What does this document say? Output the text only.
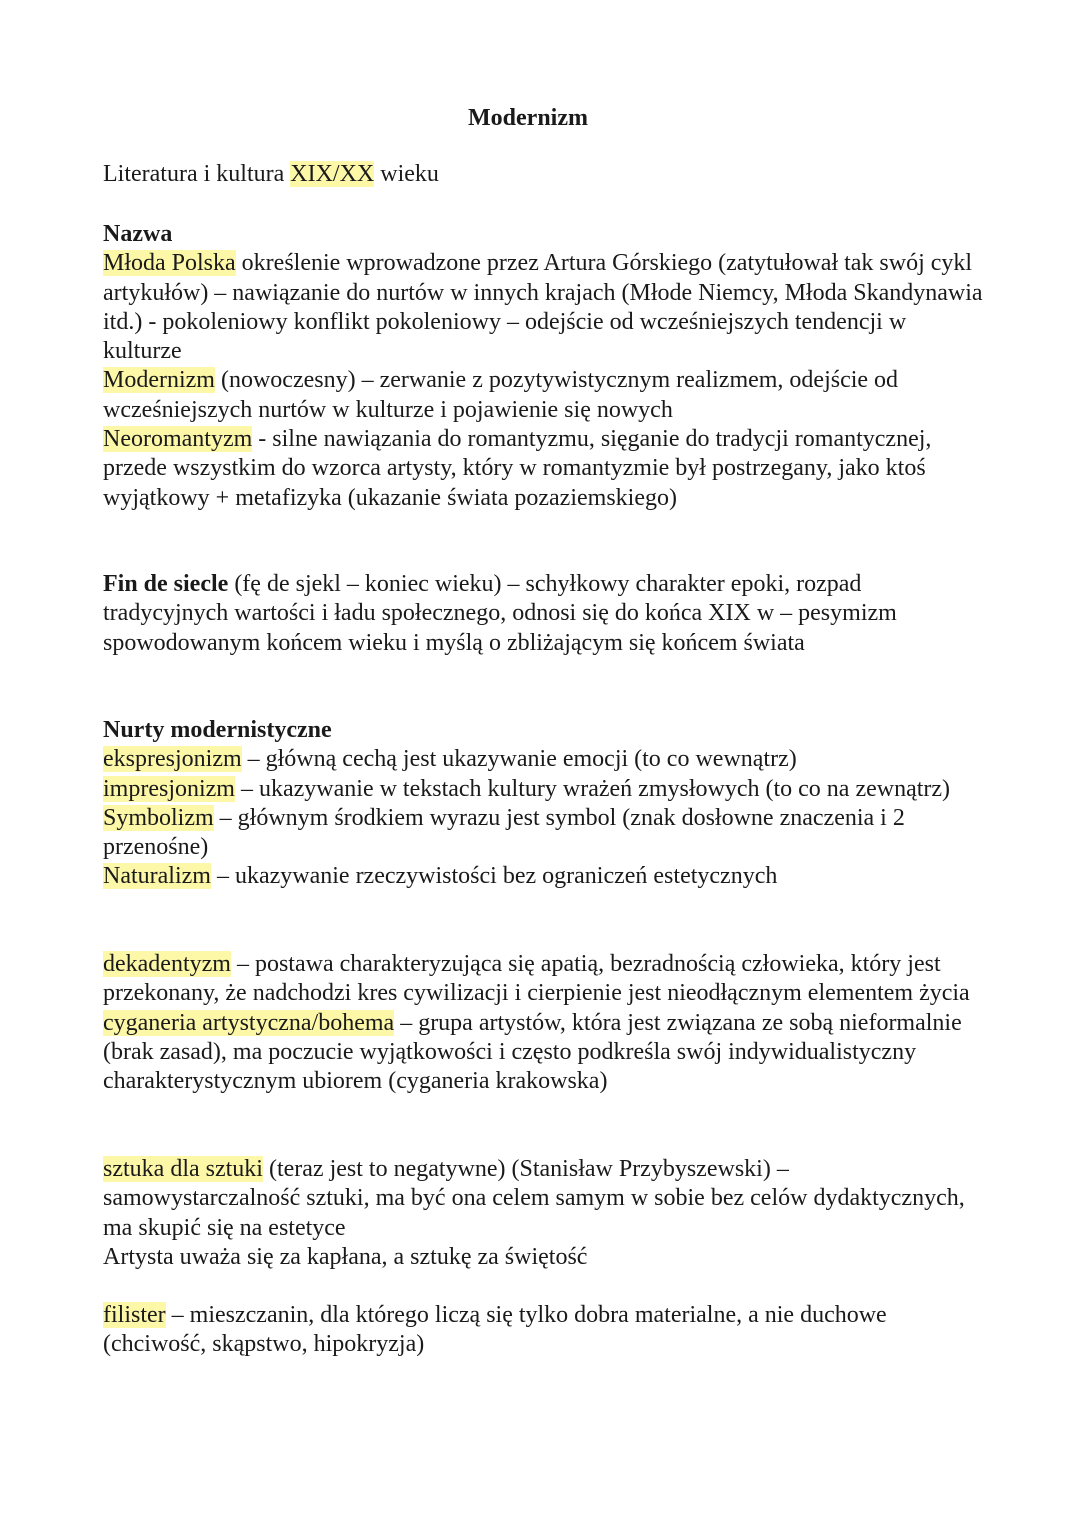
Modernizm
Literatura i kultura XIX/XX wieku

Nazwa

Młoda Polska określenie wprowadzone przez Artura Górskiego (zatytułował tak swój cykl artykułów) – nawiązanie do nurtów w innych krajach (Młode Niemcy, Młoda Skandynawia itd.) - pokoleniowy konflikt pokoleniowy – odejście od wcześniejszych tendencji w kulturze

Modernizm (nowoczesny) – zerwanie z pozytywistycznym realizmem, odejście od wcześniejszych nurtów w kulturze i pojawienie się nowych

Neoromantyzm - silne nawiązania do romantyzmu, sięganie do tradycji romantycznej, przede wszystkim do wzorca artysty, który w romantyzmie był postrzegany, jako ktoś wyjątkowy + metafizyka (ukazanie świata pozaziemskiego)

Fin de siecle (fę de sjekl – koniec wieku) – schyłkowy charakter epoki, rozpad tradycyjnych wartości i ładu społecznego, odnosi się do końca XIX w – pesymizm spowodowanym końcem wieku i myślą o zbliżającym się końcem świata

Nurty modernistyczne

ekspresjonizm – główną cechą jest ukazywanie emocji (to co wewnątrz)

impresjonizm – ukazywanie w tekstach kultury wrażeń zmysłowych (to co na zewnątrz)

Symbolizm – głównym środkiem wyrazu jest symbol (znak dosłowne znaczenia i 2 przenośne)

Naturalizm – ukazywanie rzeczywistości bez ograniczeń estetycznych

dekadentyzm – postawa charakteryzująca się apatią, bezradnością człowieka, który jest przekonany, że nadchodzi kres cywilizacji i cierpienie jest nieodłącznym elementem życia

cyganeria artystyczna/bohema – grupa artystów, która jest związana ze sobą nieformalnie (brak zasad), ma poczucie wyjątkowości i często podkreśla swój indywidualistyczny charakterystycznym ubiorem (cyganeria krakowska)

sztuka dla sztuki (teraz jest to negatywne) (Stanisław Przybyszewski) – samowystarczalność sztuki, ma być ona celem samym w sobie bez celów dydaktycznych, ma skupić się na estetyce

Artysta uważa się za kapłana, a sztukę za świętość

filister – mieszczanin, dla którego liczą się tylko dobra materialne, a nie duchowe (chciwość, skąpstwo, hipokryzja)
